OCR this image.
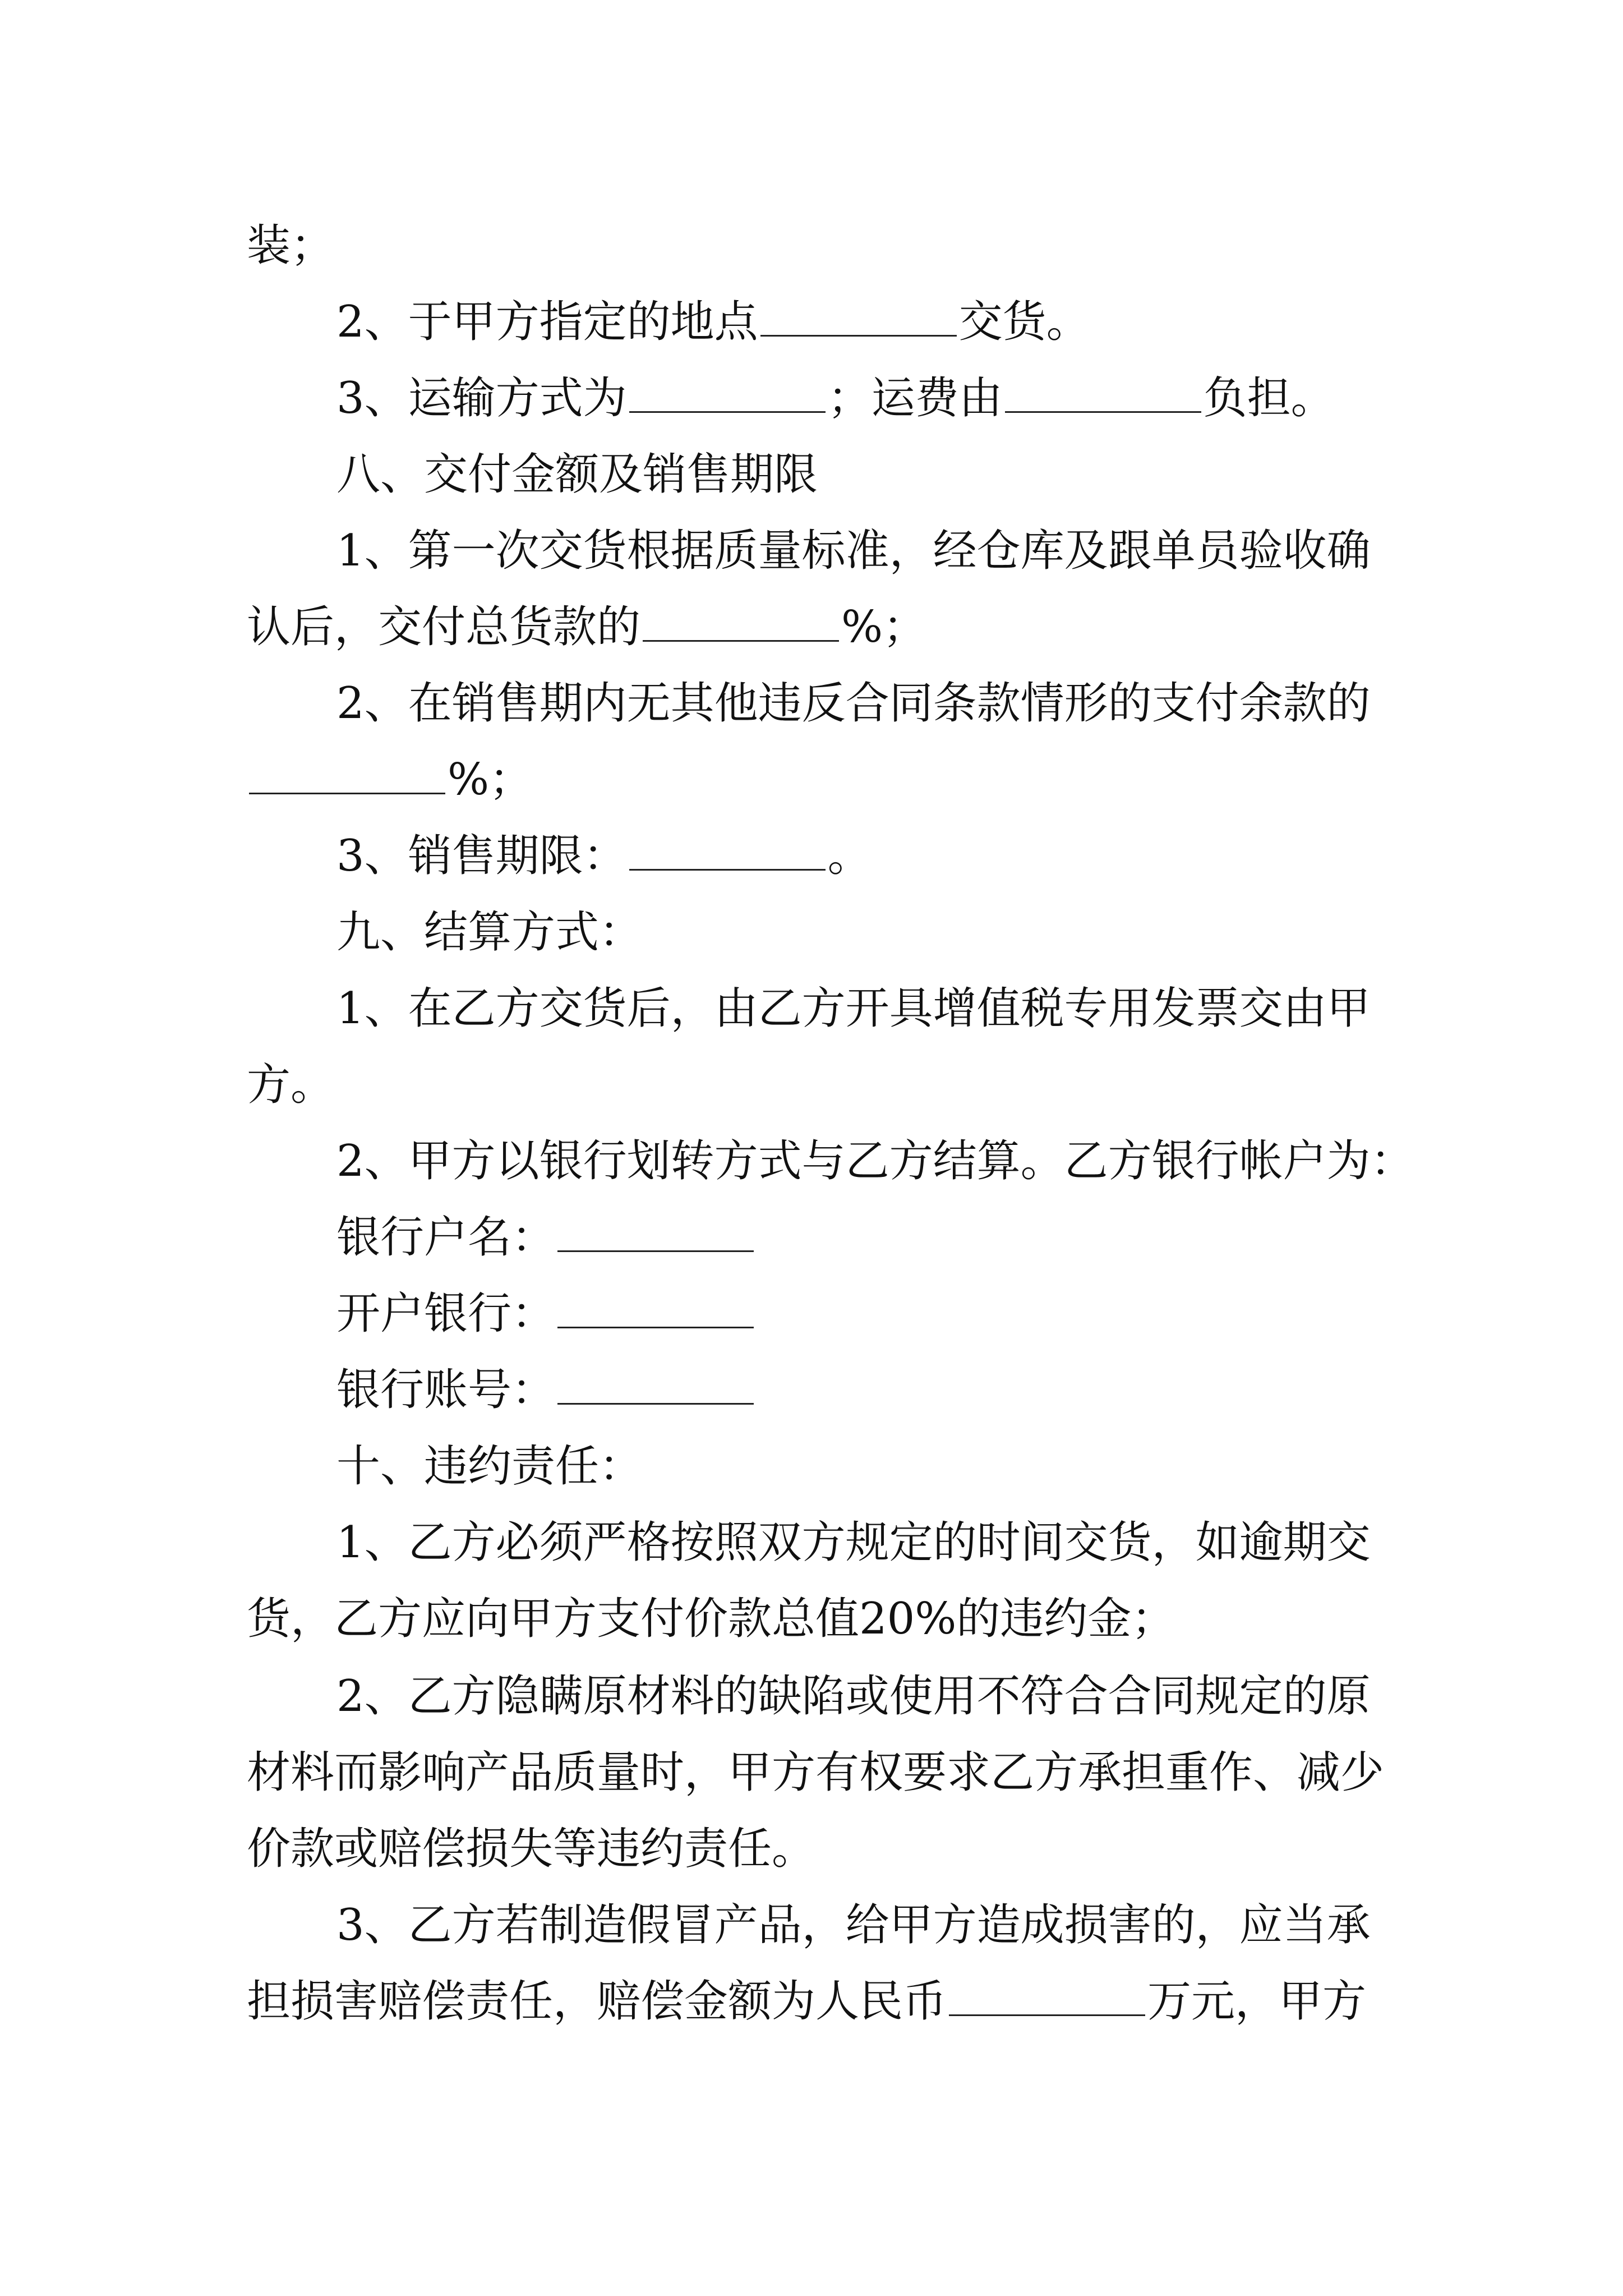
装；
2、于甲方指定的地点	交货。
3、运输方式为	；运费由	负担。
八、交付金额及销售期限
1、第一次交货根据质量标准，经仓库及跟单员验收确
认后，交付总货款的	%；
2、在销售期内无其他违反合同条款情形的支付余款的
%；
3、销售期限：	。
九、结算方式：
1、在乙方交货后，由乙方开具增值税专用发票交由甲
方。
2、甲方以银行划转方式与乙方结算。乙方银行帐户为：
银行户名：
开户银行：
银行账号：
十、违约责任：
1、乙方必须严格按照双方规定的时间交货，如逾期交
货，乙方应向甲方支付价款总值20%的违约金；
2、乙方隐瞒原材料的缺陷或使用不符合合同规定的原
材料而影响产品质量时，甲方有权要求乙方承担重作、减少
价款或赔偿损失等违约责任。
3、乙方若制造假冒产品，给甲方造成损害的，应当承
担损害赔偿责任，赔偿金额为人民币	万元，甲方
